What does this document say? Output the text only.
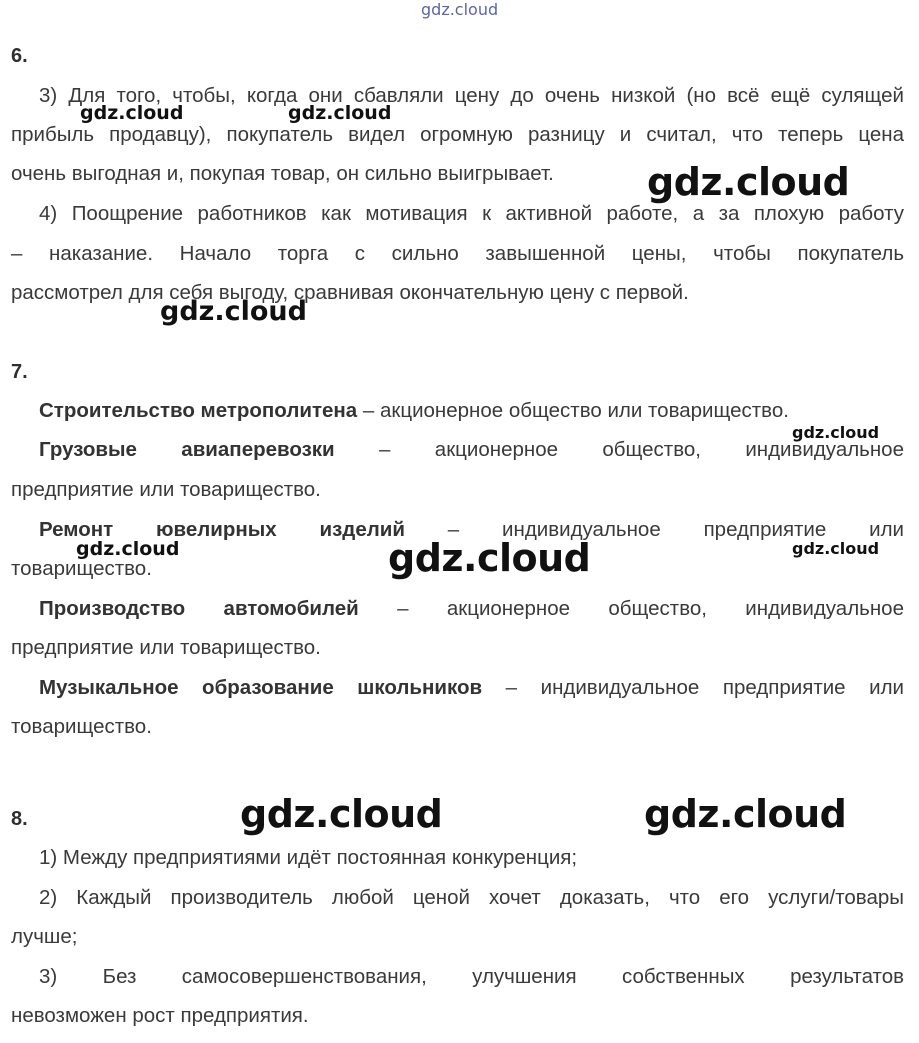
gdz.cloud
6.
3) Для того, чтобы, когда они сбавляли цену до очень низкой (но всё ещё сулящей
прибыль продавцу), покупатель видел огромную разницу и считал, что теперь цена
очень выгодная и, покупая товар, он сильно выигрывает.
4) Поощрение работников как мотивация к активной работе, а за плохую работу
– наказание. Начало торга с сильно завышенной цены, чтобы покупатель
рассмотрел для себя выгоду, сравнивая окончательную цену с первой.
7.
Строительство метрополитена – акционерное общество или товарищество.
Грузовые авиаперевозки – акционерное общество, индивидуальное
предприятие или товарищество.
Ремонт ювелирных изделий – индивидуальное предприятие или
товарищество.
Производство автомобилей – акционерное общество, индивидуальное
предприятие или товарищество.
Музыкальное образование школьников – индивидуальное предприятие или
товарищество.
8.
1) Между предприятиями идёт постоянная конкуренция;
2) Каждый производитель любой ценой хочет доказать, что его услуги/товары
лучше;
3) Без самосовершенствования, улучшения собственных результатов
невозможен рост предприятия.
gdz.cloud	gdz.cloud
gdz.cloud
gdz.cloud
gdz.cloud
gdz.cloud	gdz.cloud	gdz.cloud
gdz.cloud	gdz.cloud
